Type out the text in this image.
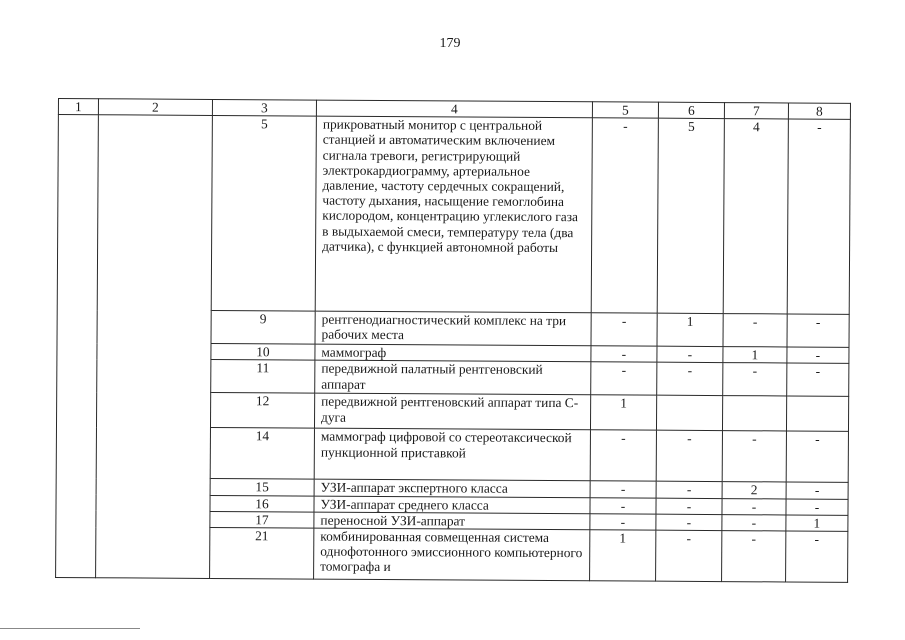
179
1	2	3	4	5	6	7	8
		5	прикроватный монитор с центральной станцией и автоматическим включением сигнала тревоги, регистрирующий электрокардиограмму, артериальное давление, частоту сердечных сокращений, частоту дыхания, насыщение гемоглобина кислородом, концентрацию углекислого газа в выдыхаемой смеси, температуру тела (два датчика), с функцией автономной работы	-	5	4	-
		9	рентгенодиагностический комплекс на три рабочих места	-	1	-	-
		10	маммограф	-	-	1	-
		11	передвижной палатный рентгеновский аппарат	-	-	-	-
		12	передвижной рентгеновский аппарат типа С-дуга	1			
		14	маммограф цифровой со стереотаксической пункционной приставкой	-	-	-	-
		15	УЗИ-аппарат экспертного класса	-	-	2	-
		16	УЗИ-аппарат среднего класса	-	-	-	-
		17	переносной УЗИ-аппарат	-	-	-	1
		21	комбинированная совмещенная система однофотонного эмиссионного компьютерного томографа и	1	-	-	-
